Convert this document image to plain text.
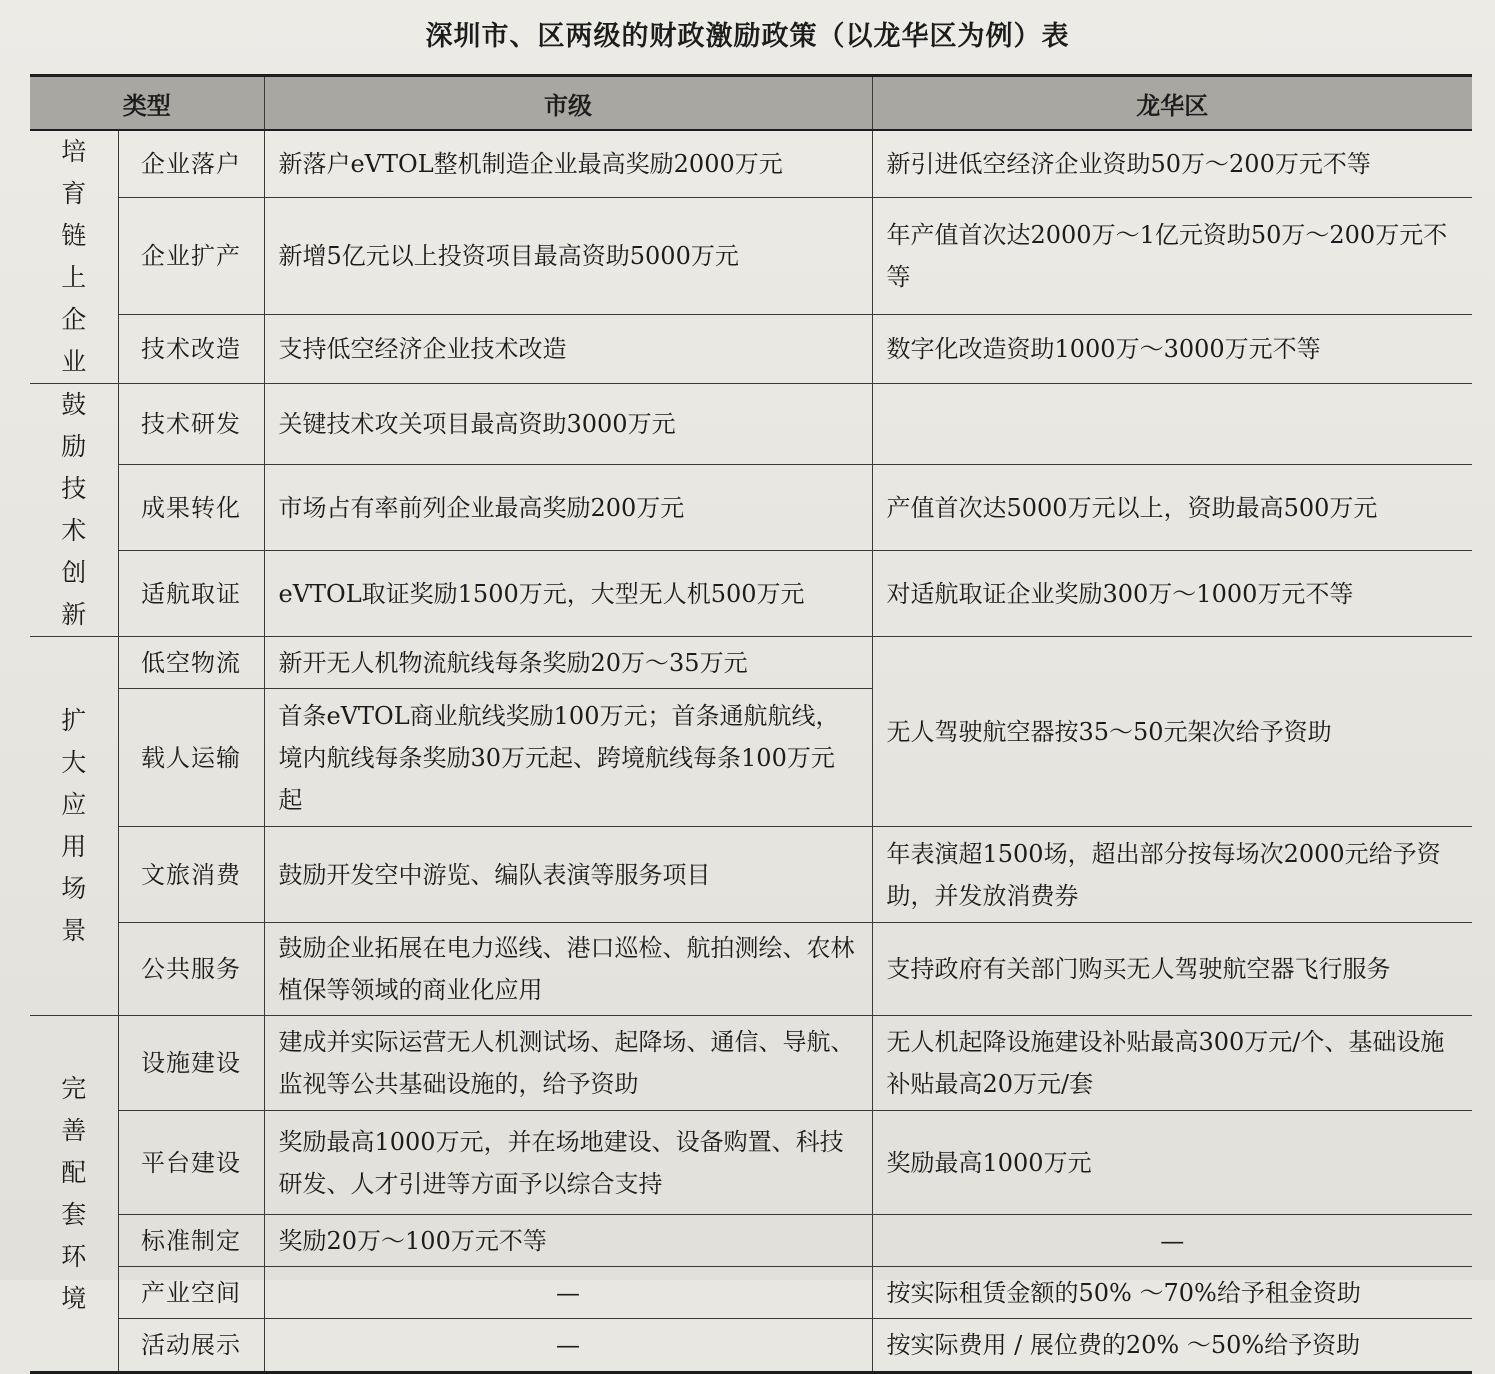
深圳市、区两级的财政激励政策（以龙华区为例）表
类型		市级	龙华区

培育链上企业	企业落户	新落户eVTOL整机制造企业最高奖励2000万元	新引进低空经济企业资助50万～200万元不等
	企业扩产	新增5亿元以上投资项目最高资助5000万元	年产值首次达2000万～1亿元资助50万～200万元不等
	技术改造	支持低空经济企业技术改造	数字化改造资助1000万～3000万元不等

鼓励技术创新	技术研发	关键技术攻关项目最高资助3000万元	
	成果转化	市场占有率前列企业最高奖励200万元	产值首次达5000万元以上，资助最高500万元
	适航取证	eVTOL取证奖励1500万元，大型无人机500万元	对适航取证企业奖励300万～1000万元不等

扩大应用场景	低空物流	新开无人机物流航线每条奖励20万～35万元	无人驾驶航空器按35～50元架次给予资助
	载人运输	首条eVTOL商业航线奖励100万元；首条通航航线，境内航线每条奖励30万元起、跨境航线每条100万元起	
	文旅消费	鼓励开发空中游览、编队表演等服务项目	年表演超1500场，超出部分按每场次2000元给予资助，并发放消费券
	公共服务	鼓励企业拓展在电力巡线、港口巡检、航拍测绘、农林植保等领域的商业化应用	支持政府有关部门购买无人驾驶航空器飞行服务

完善配套环境	设施建设	建成并实际运营无人机测试场、起降场、通信、导航、监视等公共基础设施的，给予资助	无人机起降设施建设补贴最高300万元/个、基础设施补贴最高20万元/套
	平台建设	奖励最高1000万元，并在场地建设、设备购置、科技研发、人才引进等方面予以综合支持	奖励最高1000万元
	标准制定	奖励20万～100万元不等	—
	产业空间	—	按实际租赁金额的50% ～70%给予租金资助
	活动展示	—	按实际费用 / 展位费的20% ～50%给予资助
